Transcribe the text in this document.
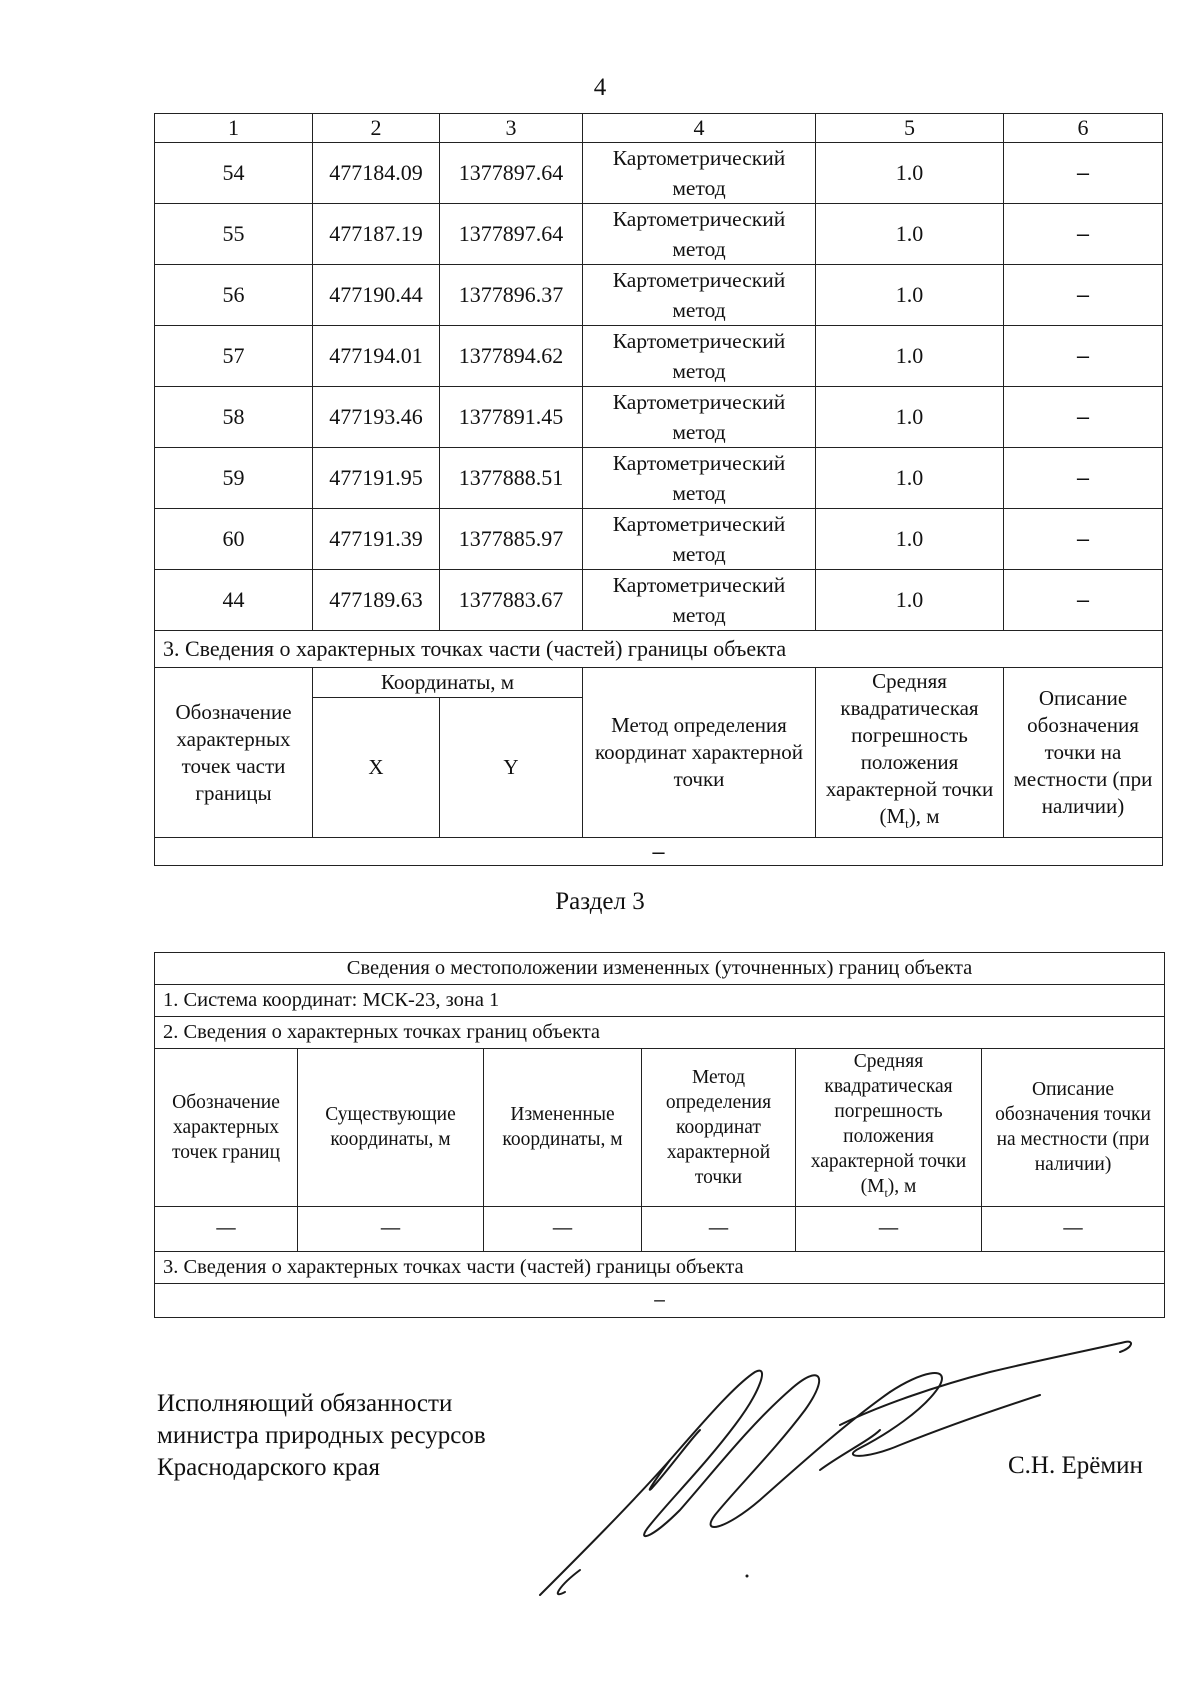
4
1	2	3	4	5	6
54	477184.09	1377897.64	Картометрический метод	1.0	–
55	477187.19	1377897.64	Картометрический метод	1.0	–
56	477190.44	1377896.37	Картометрический метод	1.0	–
57	477194.01	1377894.62	Картометрический метод	1.0	–
58	477193.46	1377891.45	Картометрический метод	1.0	–
59	477191.95	1377888.51	Картометрический метод	1.0	–
60	477191.39	1377885.97	Картометрический метод	1.0	–
44	477189.63	1377883.67	Картометрический метод	1.0	–
3. Сведения о характерных точках части (частей) границы объекта					
Обозначение характерных точек части границы	Координаты, м		Метод определения координат характерной точки	Средняя квадратическая погрешность положения характерной точки $(M_t)$, м	Описание обозначения точки на местности (при наличии)
	X	Y			
–					
Раздел 3
Сведения о местоположении измененных (уточненных) границ объекта					
1. Система координат: МСК-23, зона 1					
2. Сведения о характерных точках границ объекта					
Обозначение характерных точек границ	Существующие координаты, м	Измененные координаты, м	Метод определения координат характерной точки	Средняя квадратическая погрешность положения характерной точки $(M_t)$, м	Описание обозначения точки на местности (при наличии)
—	—	—	—	—	—
3. Сведения о характерных точках части (частей) границы объекта					
–					
Исполняющий обязанности
министра природных ресурсов
Краснодарского края	С.Н. Ерёмин
